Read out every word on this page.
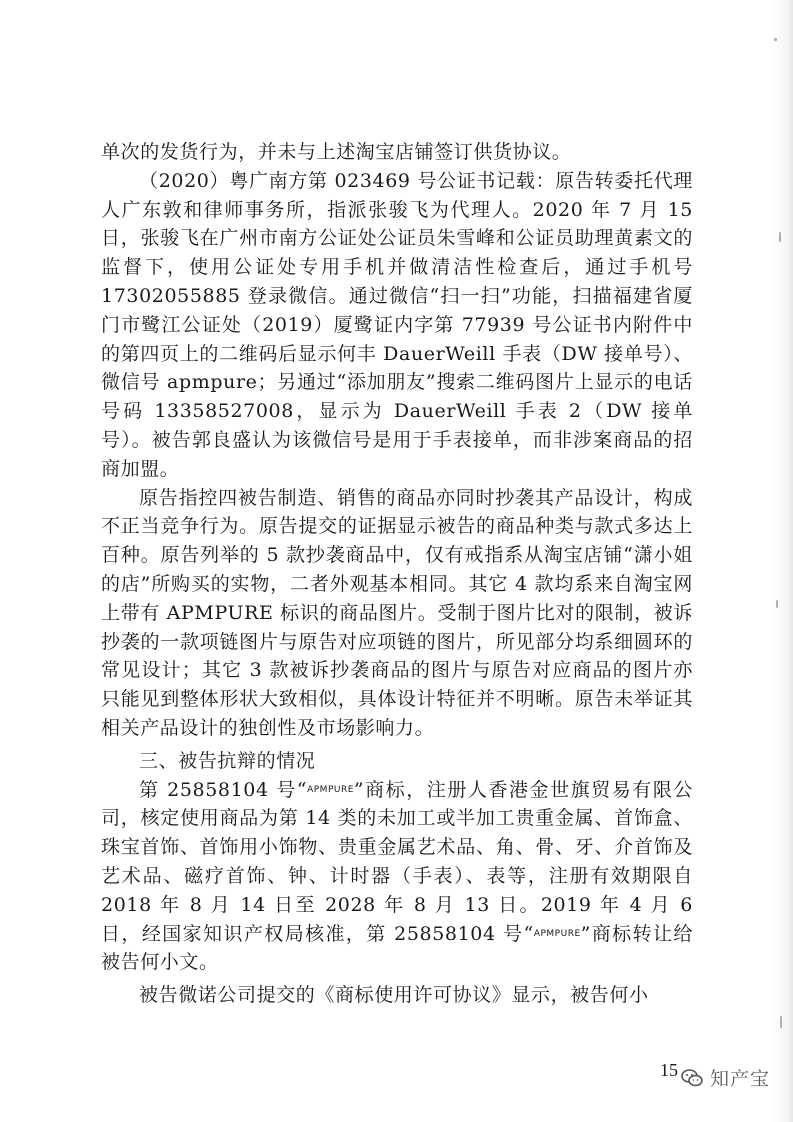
单次的发货行为，并未与上述淘宝店铺签订供货协议。

（2020）粤广南方第 023469 号公证书记载：原告转委托代理人广东敦和律师事务所，指派张骏飞为代理人。2020 年 7 月 15 日，张骏飞在广州市南方公证处公证员朱雪峰和公证员助理黄素文的监督下，使用公证处专用手机并做清洁性检查后，通过手机号 17302055885 登录微信。通过微信“扫一扫”功能，扫描福建省厦门市鹭江公证处（2019）厦鹭证内字第 77939 号公证书内附件中的第四页上的二维码后显示何丰 DauerWeill 手表（DW 接单号）、微信号 apmpure；另通过“添加朋友”搜索二维码图片上显示的电话号码 13358527008，显示为 DauerWeill 手表 2（DW 接单号）。被告郭良盛认为该微信号是用于手表接单，而非涉案商品的招商加盟。

原告指控四被告制造、销售的商品亦同时抄袭其产品设计，构成不正当竞争行为。原告提交的证据显示被告的商品种类与款式多达上百种。原告列举的 5 款抄袭商品中，仅有戒指系从淘宝店铺“潇小姐的店”所购买的实物，二者外观基本相同。其它 4 款均系来自淘宝网上带有 APMPURE 标识的商品图片。受制于图片比对的限制，被诉抄袭的一款项链图片与原告对应项链的图片，所见部分均系细圆环的常见设计；其它 3 款被诉抄袭商品的图片与原告对应商品的图片亦只能见到整体形状大致相似，具体设计特征并不明晰。原告未举证其相关产品设计的独创性及市场影响力。

三、被告抗辩的情况

第 25858104 号“$^{APMPURE}$”商标，注册人香港金世旗贸易有限公司，核定使用商品为第 14 类的未加工或半加工贵重金属、首饰盒、珠宝首饰、首饰用小饰物、贵重金属艺术品、角、骨、牙、介首饰及艺术品、磁疗首饰、钟、计时器（手表）、表等，注册有效期限自 2018 年 8 月 14 日至 2028 年 8 月 13 日。2019 年 4 月 6 日，经国家知识产权局核准，第 25858104 号“$^{APMPURE}$”商标转让给被告何小文。

被告微诺公司提交的《商标使用许可协议》显示，被告何小

15 知产宝
